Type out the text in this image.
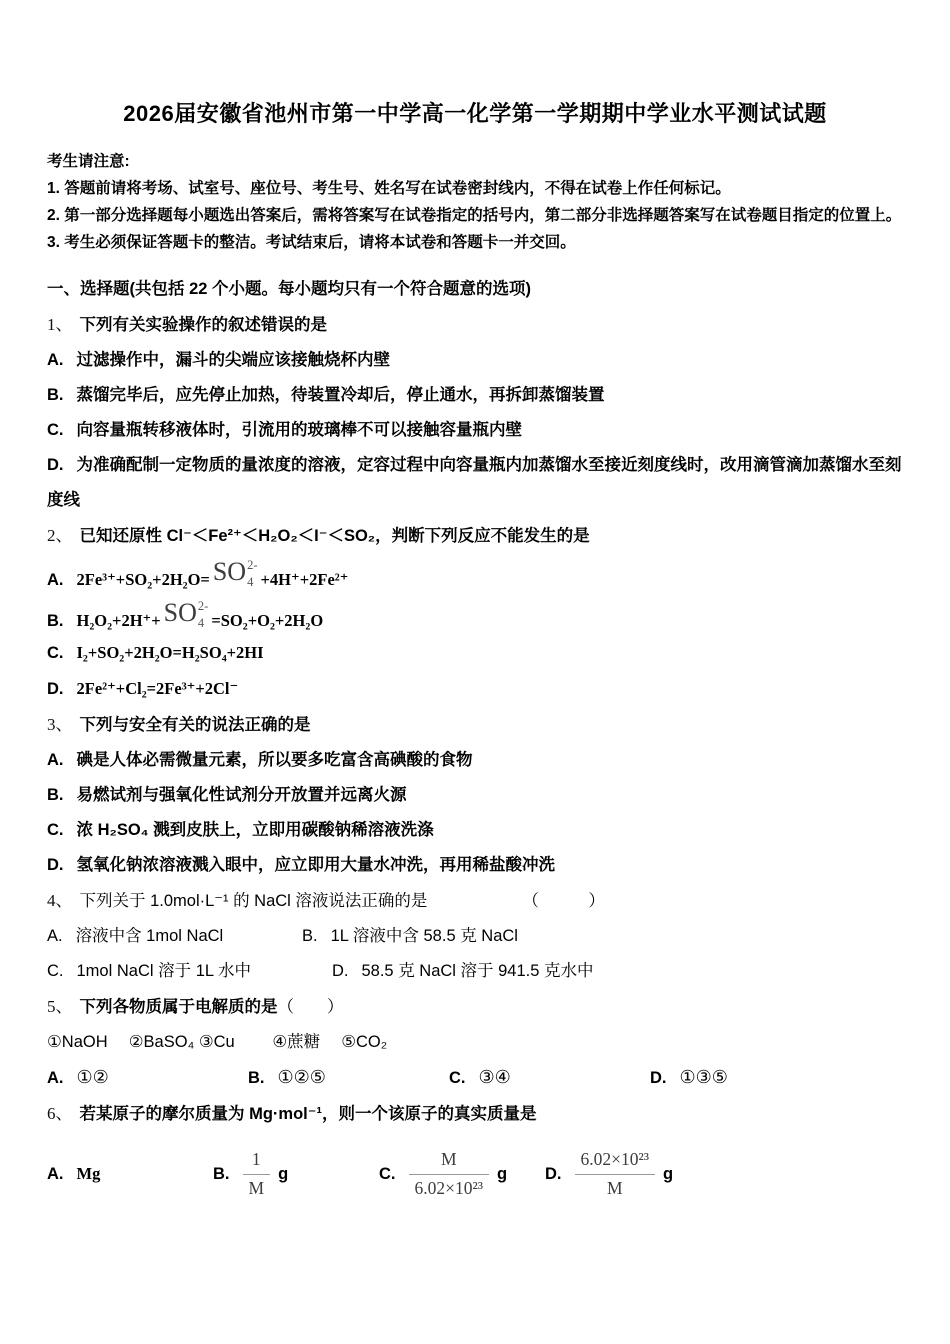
2026届安徽省池州市第一中学高一化学第一学期期中学业水平测试试题

考生请注意:

1. 答题前请将考场、试室号、座位号、考生号、姓名写在试卷密封线内，不得在试卷上作任何标记。

2. 第一部分选择题每小题选出答案后，需将答案写在试卷指定的括号内，第二部分非选择题答案写在试卷题目指定的位置上。

3. 考生必须保证答题卡的整洁。考试结束后，请将本试卷和答题卡一并交回。

一、选择题(共包括 22 个小题。每小题均只有一个符合题意的选项)

1、 下列有关实验操作的叙述错误的是

A. 过滤操作中，漏斗的尖端应该接触烧杯内壁

B. 蒸馏完毕后，应先停止加热，待装置冷却后，停止通水，再拆卸蒸馏装置

C. 向容量瓶转移液体时，引流用的玻璃棒不可以接触容量瓶内壁

D. 为准确配制一定物质的量浓度的溶液，定容过程中向容量瓶内加蒸馏水至接近刻度线时，改用滴管滴加蒸馏水至刻度线

2、 已知还原性 Cl⁻＜Fe²⁺＜H₂O₂＜I⁻＜SO₂，判断下列反应不能发生的是

A. 2Fe³⁺+SO₂+2H₂O= SO 2-
4 +4H⁺+2Fe²⁺

B. H₂O₂+2H⁺+ SO 2-
4 =SO₂+O₂+2H₂O

C. I₂+SO₂+2H₂O=H₂SO₄+2HI

D. 2Fe²⁺+Cl₂=2Fe³⁺+2Cl⁻

3、 下列与安全有关的说法正确的是

A. 碘是人体必需微量元素，所以要多吃富含高碘酸的食物

B. 易燃试剂与强氧化性试剂分开放置并远离火源

C. 浓 H₂SO₄ 溅到皮肤上，立即用碳酸钠稀溶液洗涤

D. 氢氧化钠浓溶液溅入眼中，应立即用大量水冲洗，再用稀盐酸冲洗

4、 下列关于 1.0mol·L⁻¹ 的 NaCl 溶液说法正确的是	（　　　）

A. 溶液中含 1mol NaCl	B. 1L 溶液中含 58.5 克 NaCl

C. 1mol NaCl 溶于 1L 水中	D. 58.5 克 NaCl 溶于 941.5 克水中

5、 下列各物质属于电解质的是（　　）

①NaOH　 ②BaSO₄ ③Cu　　 ④蔗糖　 ⑤CO₂

A. ①②	B. ①②⑤	C. ③④	D. ①③⑤

6、 若某原子的摩尔质量为 Mg·mol⁻¹，则一个该原子的真实质量是

A. Mg	B. $\frac{1}{M}$ g	C. $\frac{M}{\text{6.02×10²³}}$ g D. $\frac{\text{6.02×10²³}}{M}$ g
